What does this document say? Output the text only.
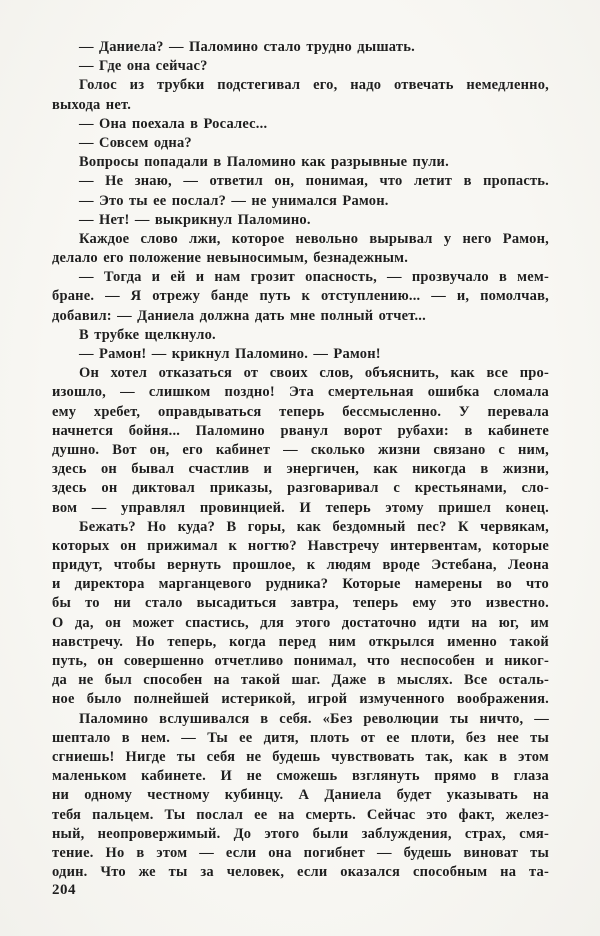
— Даниела? — Паломино стало трудно дышать.
— Где она сейчас?
Голос из трубки подстегивал его, надо отвечать немедленно,
выхода нет.
— Она поехала в Росалес...
— Совсем одна?
Вопросы попадали в Паломино как разрывные пули.
— Не знаю, — ответил он, понимая, что летит в пропасть.
— Это ты ее послал? — не унимался Рамон.
— Нет! — выкрикнул Паломино.
Каждое слово лжи, которое невольно вырывал у него Рамон,
делало его положение невыносимым, безнадежным.
— Тогда и ей и нам грозит опасность, — прозвучало в мем-
бране. — Я отрежу банде путь к отступлению... — и, помолчав,
добавил: — Даниела должна дать мне полный отчет...
В трубке щелкнуло.
— Рамон! — крикнул Паломино. — Рамон!
Он хотел отказаться от своих слов, объяснить, как все про-
изошло, — слишком поздно! Эта смертельная ошибка сломала
ему хребет, оправдываться теперь бессмысленно. У перевала
начнется бойня... Паломино рванул ворот рубахи: в кабинете
душно. Вот он, его кабинет — сколько жизни связано с ним,
здесь он бывал счастлив и энергичен, как никогда в жизни,
здесь он диктовал приказы, разговаривал с крестьянами, сло-
вом — управлял провинцией. И теперь этому пришел конец.
Бежать? Но куда? В горы, как бездомный пес? К червякам,
которых он прижимал к ногтю? Навстречу интервентам, которые
придут, чтобы вернуть прошлое, к людям вроде Эстебана, Леона
и директора марганцевого рудника? Которые намерены во что
бы то ни стало высадиться завтра, теперь ему это известно.
О да, он может спастись, для этого достаточно идти на юг, им
навстречу. Но теперь, когда перед ним открылся именно такой
путь, он совершенно отчетливо понимал, что неспособен и никог-
да не был способен на такой шаг. Даже в мыслях. Все осталь-
ное было полнейшей истерикой, игрой измученного воображения.
Паломино вслушивался в себя. «Без революции ты ничто, —
шептало в нем. — Ты ее дитя, плоть от ее плоти, без нее ты
сгниешь! Нигде ты себя не будешь чувствовать так, как в этом
маленьком кабинете. И не сможешь взглянуть прямо в глаза
ни одному честному кубинцу. А Даниела будет указывать на
тебя пальцем. Ты послал ее на смерть. Сейчас это факт, желез-
ный, неопровержимый. До этого были заблуждения, страх, смя-
тение. Но в этом — если она погибнет — будешь виноват ты
один. Что же ты за человек, если оказался способным на та-
204
